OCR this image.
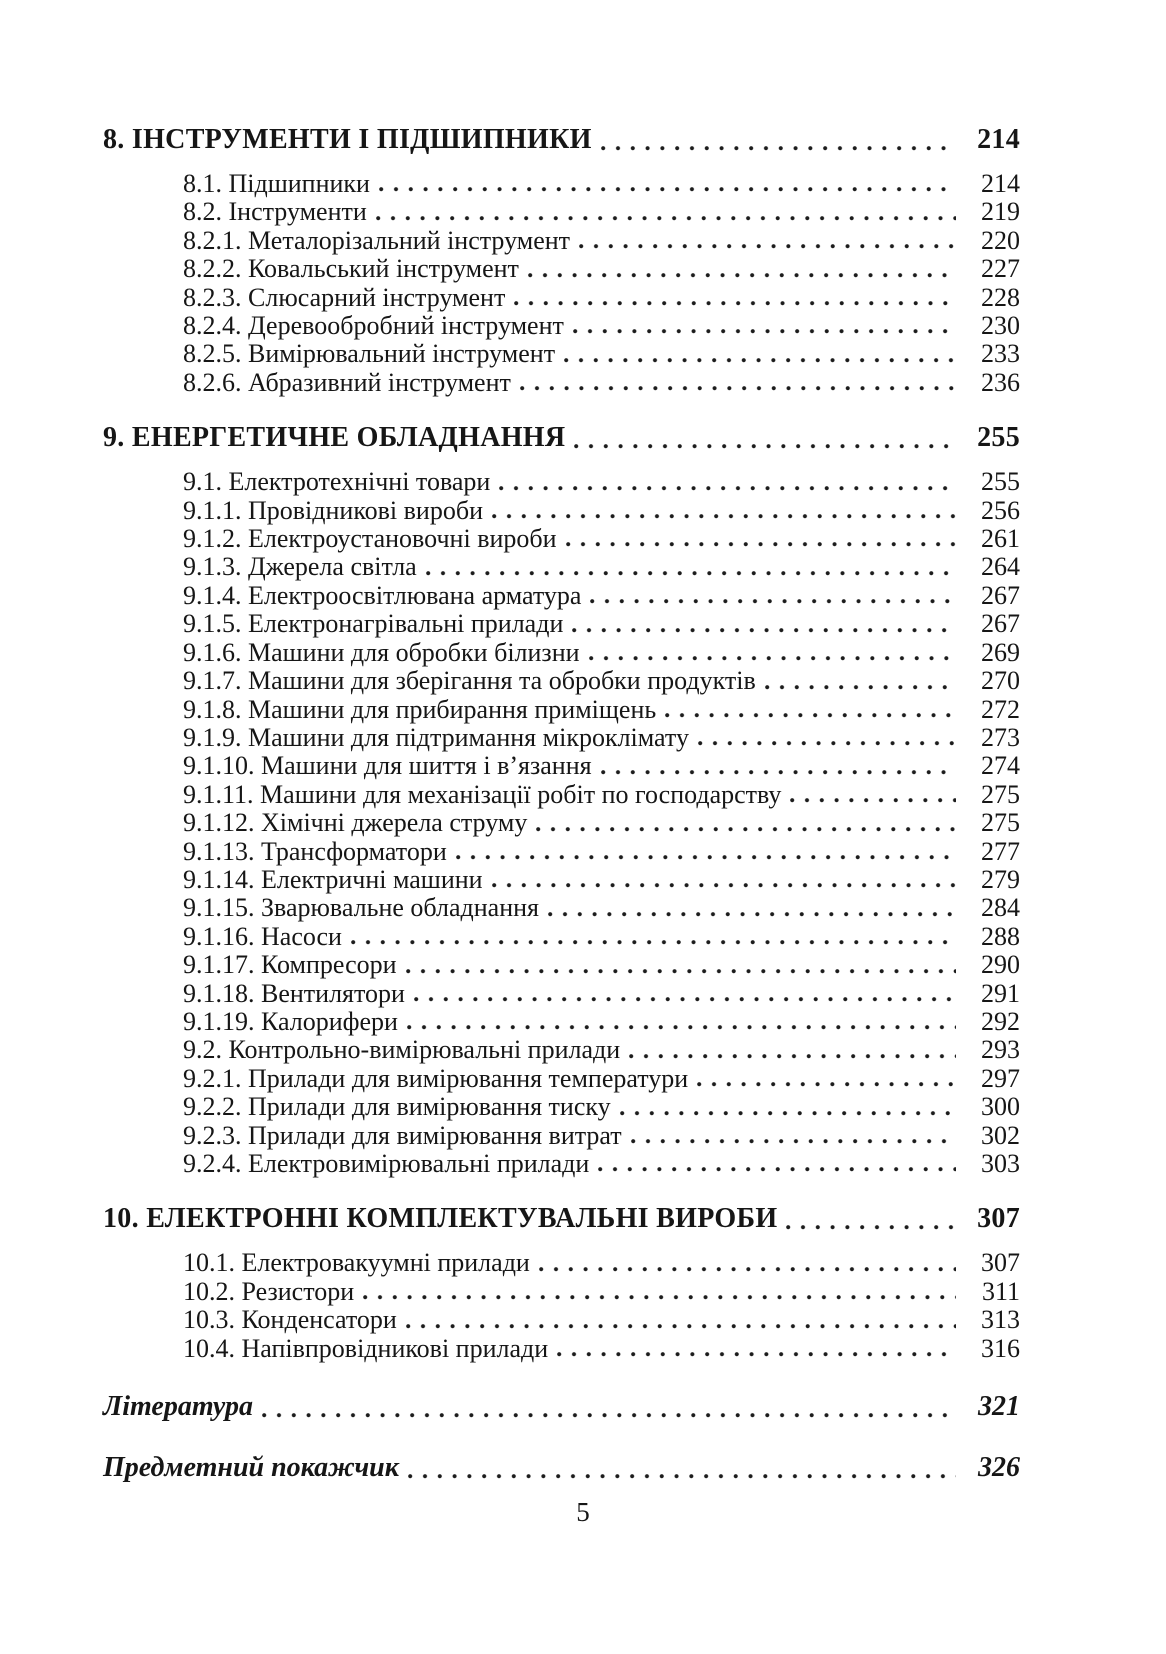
8. ІНСТРУМЕНТИ І ПІДШИПНИКИ	214
8.1. Підшипники	214
8.2. Інструменти	219
8.2.1. Металорізальний інструмент	220
8.2.2. Ковальський інструмент	227
8.2.3. Слюсарний інструмент	228
8.2.4. Деревообробний інструмент	230
8.2.5. Вимірювальний інструмент	233
8.2.6. Абразивний інструмент	236
9. ЕНЕРГЕТИЧНЕ ОБЛАДНАННЯ	255
9.1. Електротехнічні товари	255
9.1.1. Провідникові вироби	256
9.1.2. Електроустановочні вироби	261
9.1.3. Джерела світла	264
9.1.4. Електроосвітлювана арматура	267
9.1.5. Електронагрівальні прилади	267
9.1.6. Машини для обробки білизни	269
9.1.7. Машини для зберігання та обробки продуктів	270
9.1.8. Машини для прибирання приміщень	272
9.1.9. Машини для підтримання мікроклімату	273
9.1.10. Машини для шиття і в’язання	274
9.1.11. Машини для механізації робіт по господарству	275
9.1.12. Хімічні джерела струму	275
9.1.13. Трансформатори	277
9.1.14. Електричні машини	279
9.1.15. Зварювальне обладнання	284
9.1.16. Насоси	288
9.1.17. Компресори	290
9.1.18. Вентилятори	291
9.1.19. Калорифери	292
9.2. Контрольно-вимірювальні прилади	293
9.2.1. Прилади для вимірювання температури	297
9.2.2. Прилади для вимірювання тиску	300
9.2.3. Прилади для вимірювання витрат	302
9.2.4. Електровимірювальні прилади	303
10. ЕЛЕКТРОННІ КОМПЛЕКТУВАЛЬНІ ВИРОБИ	307
10.1. Електровакуумні прилади	307
10.2. Резистори	311
10.3. Конденсатори	313
10.4. Напівпровідникові прилади	316
Література	321
Предметний покажчик	326
5
